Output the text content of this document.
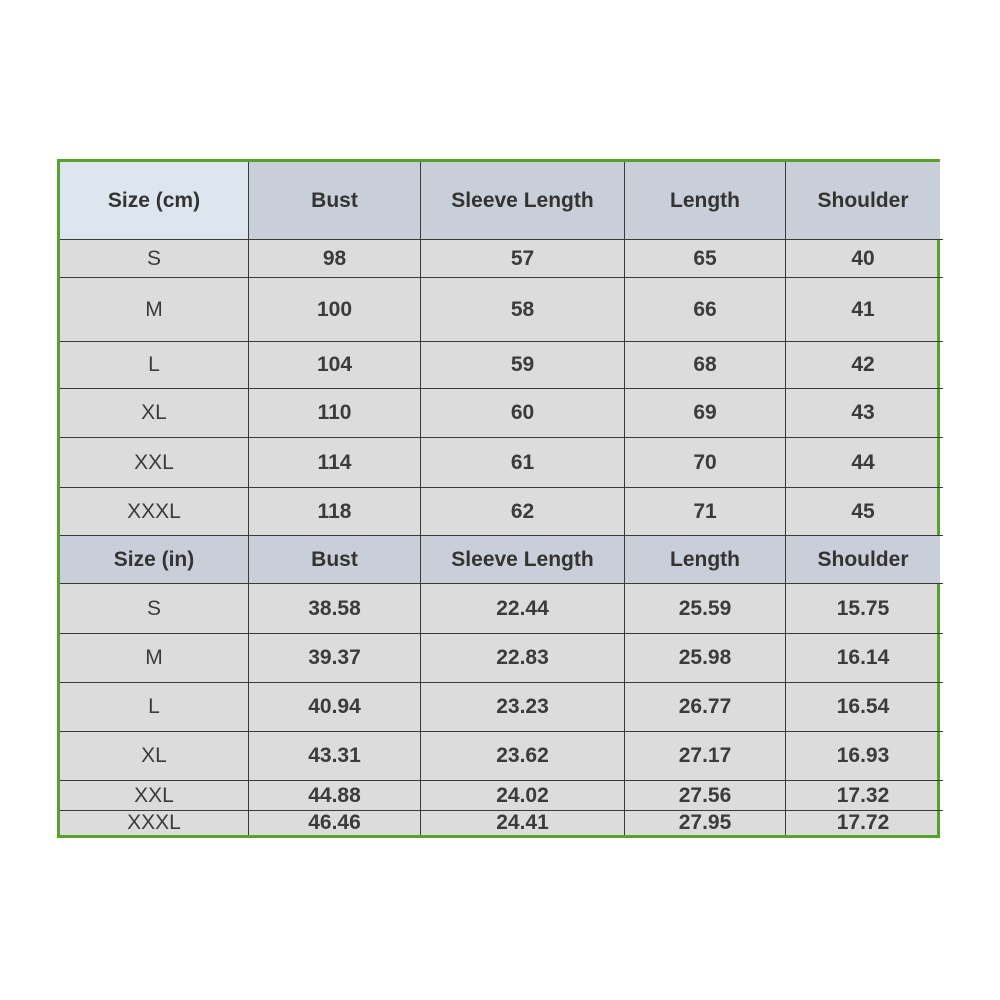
Size (cm)	Bust	Sleeve Length	Length	Shoulder
S	98	57	65	40
M	100	58	66	41
L	104	59	68	42
XL	110	60	69	43
XXL	114	61	70	44
XXXL	118	62	71	45
Size (in)	Bust	Sleeve Length	Length	Shoulder
S	38.58	22.44	25.59	15.75
M	39.37	22.83	25.98	16.14
L	40.94	23.23	26.77	16.54
XL	43.31	23.62	27.17	16.93
XXL	44.88	24.02	27.56	17.32
XXXL	46.46	24.41	27.95	17.72
